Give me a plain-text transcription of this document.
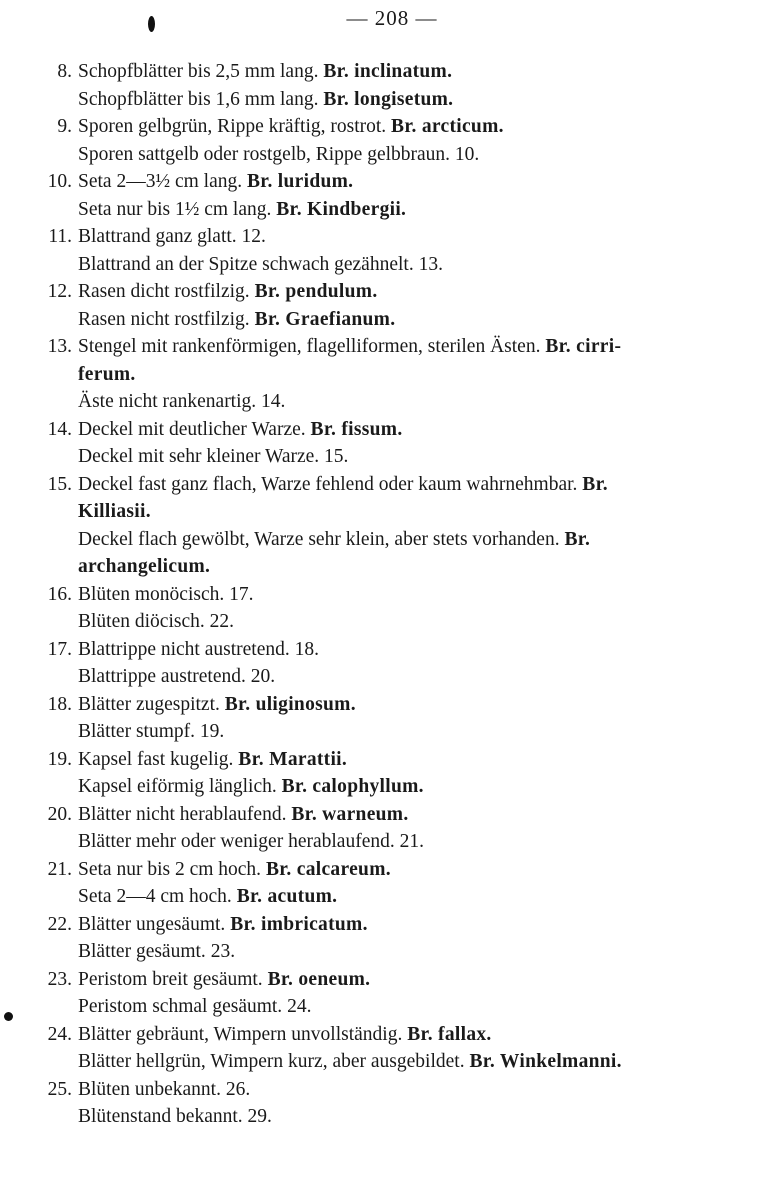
— 208 —
8. Schopfblätter bis 2,5 mm lang. Br. inclinatum.
Schopfblätter bis 1,6 mm lang. Br. longisetum.
9. Sporen gelbgrün, Rippe kräftig, rostrot. Br. arcticum.
Sporen sattgelb oder rostgelb, Rippe gelbbraun. 10.
10. Seta 2—3½ cm lang. Br. luridum.
Seta nur bis 1½ cm lang. Br. Kindbergii.
11. Blattrand ganz glatt. 12.
Blattrand an der Spitze schwach gezähnelt. 13.
12. Rasen dicht rostfilzig. Br. pendulum.
Rasen nicht rostfilzig. Br. Graefianum.
13. Stengel mit rankenförmigen, flagelliformen, sterilen Ästen. Br. cirri-
ferum.
Äste nicht rankenartig. 14.
14. Deckel mit deutlicher Warze. Br. fissum.
Deckel mit sehr kleiner Warze. 15.
15. Deckel fast ganz flach, Warze fehlend oder kaum wahrnehmbar. Br.
Killiasii.
Deckel flach gewölbt, Warze sehr klein, aber stets vorhanden. Br.
archangelicum.
16. Blüten monöcisch. 17.
Blüten diöcisch. 22.
17. Blattrippe nicht austretend. 18.
Blattrippe austretend. 20.
18. Blätter zugespitzt. Br. uliginosum.
Blätter stumpf. 19.
19. Kapsel fast kugelig. Br. Marattii.
Kapsel eiförmig länglich. Br. calophyllum.
20. Blätter nicht herablaufend. Br. warneum.
Blätter mehr oder weniger herablaufend. 21.
21. Seta nur bis 2 cm hoch. Br. calcareum.
Seta 2—4 cm hoch. Br. acutum.
22. Blätter ungesäumt. Br. imbricatum.
Blätter gesäumt. 23.
23. Peristom breit gesäumt. Br. oeneum.
Peristom schmal gesäumt. 24.
24. Blätter gebräunt, Wimpern unvollständig. Br. fallax.
Blätter hellgrün, Wimpern kurz, aber ausgebildet. Br. Winkelmanni.
25. Blüten unbekannt. 26.
Blütenstand bekannt. 29.
